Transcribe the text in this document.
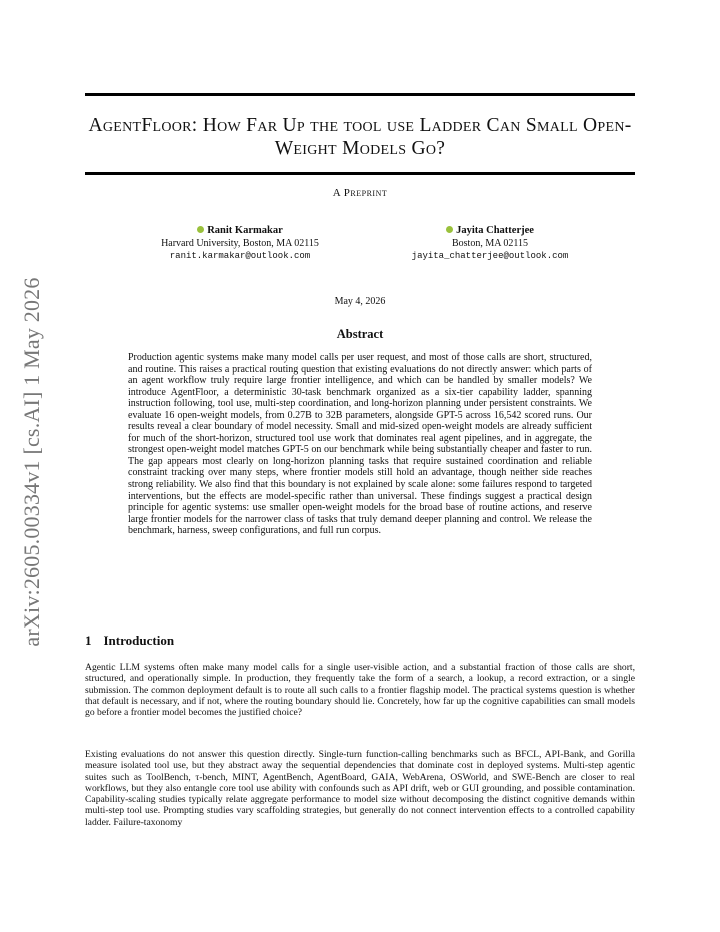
arXiv:2605.00334v1 [cs.AI] 1 May 2026
AgentFloor: How Far Up the tool use Ladder Can Small Open-Weight Models Go?
A Preprint
Ranit Karmakar
Harvard University, Boston, MA 02115
ranit.karmakar@outlook.com
Jayita Chatterjee
Boston, MA 02115
jayita_chatterjee@outlook.com
May 4, 2026
Abstract
Production agentic systems make many model calls per user request, and most of those calls are short, structured, and routine. This raises a practical routing question that existing evaluations do not directly answer: which parts of an agent workflow truly require large frontier intelligence, and which can be handled by smaller models? We introduce AgentFloor, a deterministic 30-task benchmark organized as a six-tier capability ladder, spanning instruction following, tool use, multi-step coordination, and long-horizon planning under persistent constraints. We evaluate 16 open-weight models, from 0.27B to 32B parameters, alongside GPT-5 across 16,542 scored runs. Our results reveal a clear boundary of model necessity. Small and mid-sized open-weight models are already sufficient for much of the short-horizon, structured tool use work that dominates real agent pipelines, and in aggregate, the strongest open-weight model matches GPT-5 on our benchmark while being substantially cheaper and faster to run. The gap appears most clearly on long-horizon planning tasks that require sustained coordination and reliable constraint tracking over many steps, where frontier models still hold an advantage, though neither side reaches strong reliability. We also find that this boundary is not explained by scale alone: some failures respond to targeted interventions, but the effects are model-specific rather than universal. These findings suggest a practical design principle for agentic systems: use smaller open-weight models for the broad base of routine actions, and reserve large frontier models for the narrower class of tasks that truly demand deeper planning and control. We release the benchmark, harness, sweep configurations, and full run corpus.
1 Introduction

Agentic LLM systems often make many model calls for a single user-visible action, and a substantial fraction of those calls are short, structured, and operationally simple. In production, they frequently take the form of a search, a lookup, a record extraction, or a single submission. The common deployment default is to route all such calls to a frontier flagship model. The practical systems question is whether that default is necessary, and if not, where the routing boundary should lie. Concretely, how far up the cognitive capabilities can small models go before a frontier model becomes the justified choice?

Existing evaluations do not answer this question directly. Single-turn function-calling benchmarks such as BFCL, API-Bank, and Gorilla measure isolated tool use, but they abstract away the sequential dependencies that dominate cost in deployed systems. Multi-step agentic suites such as ToolBench, τ-bench, MINT, AgentBench, AgentBoard, GAIA, WebArena, OSWorld, and SWE-Bench are closer to real workflows, but they also entangle core tool use ability with confounds such as API drift, web or GUI grounding, and possible contamination. Capability-scaling studies typically relate aggregate performance to model size without decomposing the distinct cognitive demands within multi-step tool use. Prompting studies vary scaffolding strategies, but generally do not connect intervention effects to a controlled capability ladder. Failure-taxonomy
